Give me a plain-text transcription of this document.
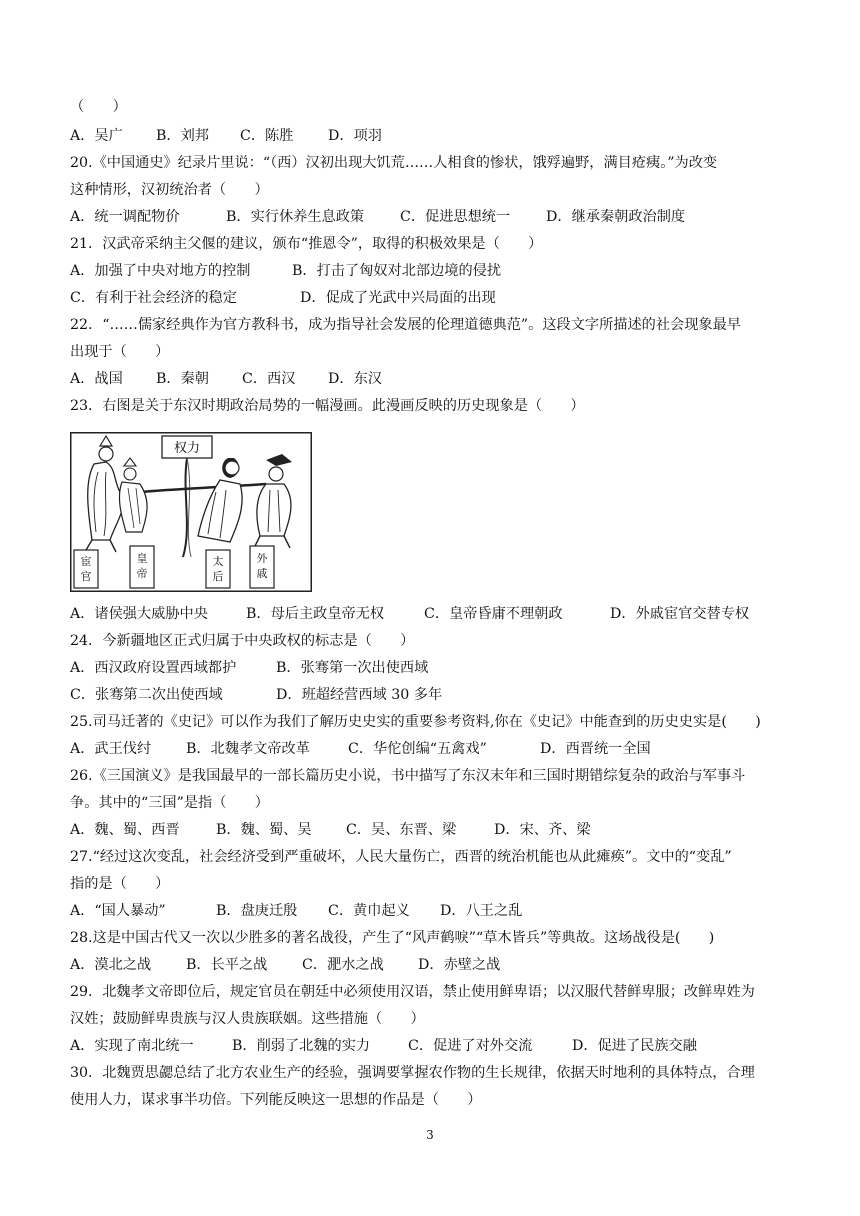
（　　）
A．吴广 B．刘邦 C．陈胜 D．项羽
20.《中国通史》纪录片里说：“（西）汉初出现大饥荒……人相食的惨状，饿殍遍野，满目疮痍。”为改变
这种情形，汉初统治者（　　）
A．统一调配物价	B．实行休养生息政策	C．促进思想统一	D．继承秦朝政治制度
21．汉武帝采纳主父偃的建议，颁布“推恩令”，取得的积极效果是（　　）
A．加强了中央对地方的控制	B．打击了匈奴对北部边境的侵扰
C．有利于社会经济的稳定	D．促成了光武中兴局面的出现
22．“……儒家经典作为官方教科书，成为指导社会发展的伦理道德典范”。这段文字所描述的社会现象最早
出现于（　　）
A．战国 B．秦朝 C．西汉 D．东汉
23．右图是关于东汉时期政治局势的一幅漫画。此漫画反映的历史现象是（　　）
权力
宦官
皇帝
太后
外戚
A．诸侯强大威胁中央	B．母后主政皇帝无权	C．皇帝昏庸不理朝政	D．外戚宦官交替专权
24．今新疆地区正式归属于中央政权的标志是（　　）
A．西汉政府设置西域都护	B．张骞第一次出使西域
C．张骞第二次出使西域	D．班超经营西域 30 多年
25.司马迁著的《史记》可以作为我们了解历史史实的重要参考资料,你在《史记》中能查到的历史史实是(　　)
A．武王伐纣 B．北魏孝文帝改革	C．华佗创编“五禽戏”	D．西晋统一全国
26.《三国演义》是我国最早的一部长篇历史小说，书中描写了东汉末年和三国时期错综复杂的政治与军事斗
争。其中的“三国”是指（　　）
A．魏、蜀、西晋	B．魏、蜀、吴 C．吴、东晋、梁	D．宋、齐、梁
27.“经过这次变乱，社会经济受到严重破坏，人民大量伤亡，西晋的统治机能也从此瘫痪”。文中的“变乱”
指的是（　　）
A．“国人暴动”	B．盘庚迁殷 C．黄巾起义 D．八王之乱
28.这是中国古代又一次以少胜多的著名战役，产生了“风声鹤唳”“草木皆兵”等典故。这场战役是(　　)
A．漠北之战 B．长平之战 C．淝水之战 D．赤壁之战
29．北魏孝文帝即位后，规定官员在朝廷中必须使用汉语，禁止使用鲜卑语；以汉服代替鲜卑服；改鲜卑姓为
汉姓；鼓励鲜卑贵族与汉人贵族联姻。这些措施（　　）
A．实现了南北统一	B．削弱了北魏的实力	C．促进了对外交流	D．促进了民族交融
30．北魏贾思勰总结了北方农业生产的经验，强调要掌握农作物的生长规律，依据天时地利的具体特点，合理
使用人力，谋求事半功倍。下列能反映这一思想的作品是（　　）
3
